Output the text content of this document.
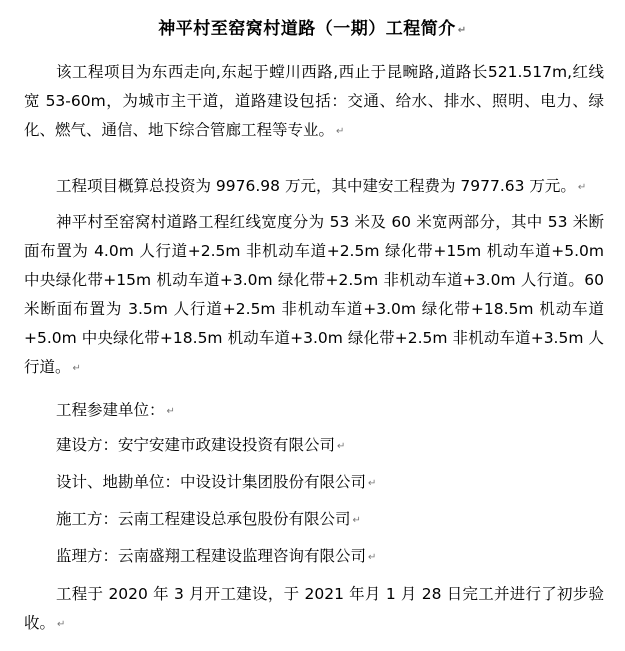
神平村至窑窝村道路（一期）工程简介 ↵
该工程项目为东西走向,东起于螳川西路,西止于昆畹路,道路长521.517m,红线宽 53-60m，为城市主干道，道路建设包括：交通、给水、排水、照明、电力、绿化、燃气、通信、地下综合管廊工程等专业。 ↵
工程项目概算总投资为 9976.98 万元，其中建安工程费为 7977.63 万元。 ↵
神平村至窑窝村道路工程红线宽度分为 53 米及 60 米宽两部分，其中 53 米断面布置为 4.0m 人行道+2.5m 非机动车道+2.5m 绿化带+15m 机动车道+5.0m 中央绿化带+15m 机动车道+3.0m 绿化带+2.5m 非机动车道+3.0m 人行道。60 米断面布置为 3.5m 人行道+2.5m 非机动车道+3.0m 绿化带+18.5m 机动车道+5.0m 中央绿化带+18.5m 机动车道+3.0m 绿化带+2.5m 非机动车道+3.5m 人行道。 ↵
工程参建单位： ↵
建设方：安宁安建市政建设投资有限公司 ↵
设计、地勘单位：中设设计集团股份有限公司 ↵
施工方：云南工程建设总承包股份有限公司 ↵
监理方：云南盛翔工程建设监理咨询有限公司 ↵
工程于 2020 年 3 月开工建设，于 2021 年月 1 月 28 日完工并进行了初步验收。 ↵
